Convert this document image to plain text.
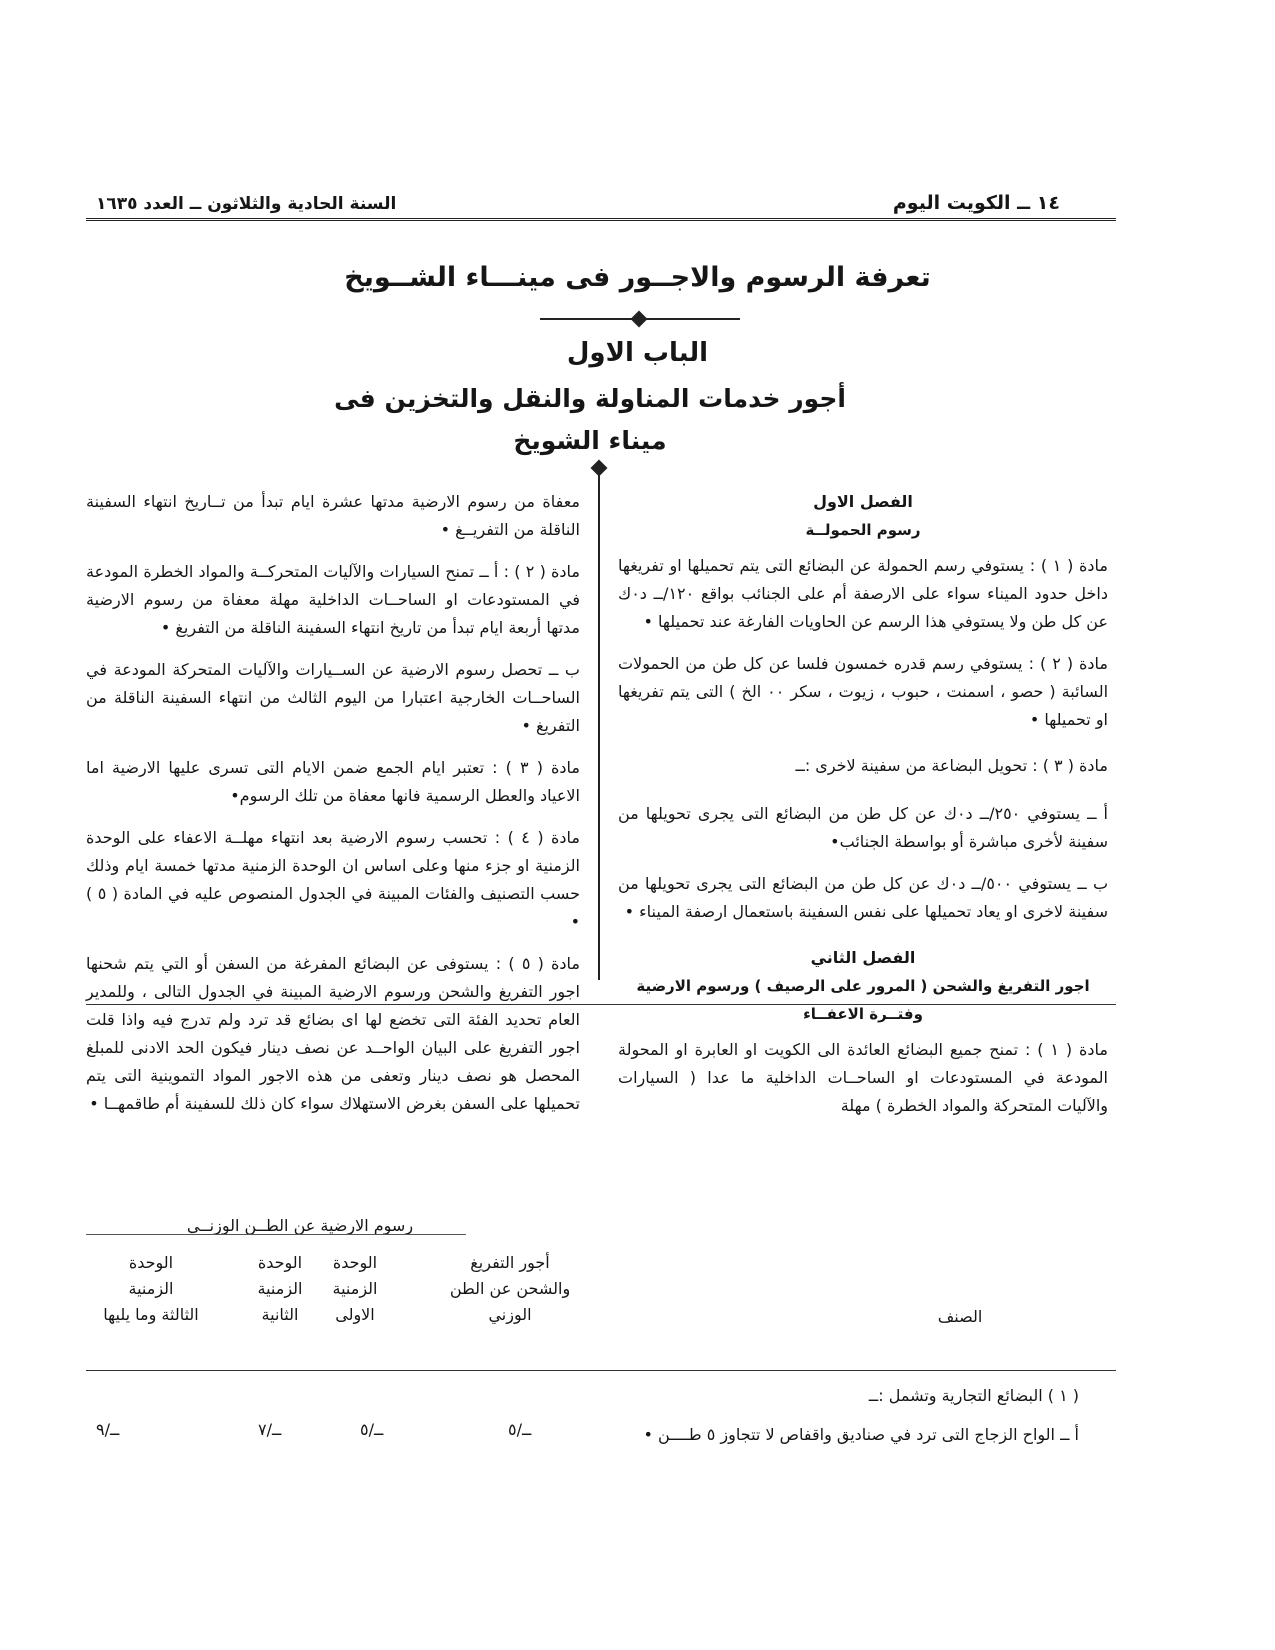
١٤ ــ الكويت اليوم
السنة الحادية والثلاثون ــ العدد ١٦٣٥
تعرفة الرسوم والاجــور فى مينـــاء الشــويخ
الباب الاول
أجور خدمات المناولة والنقل والتخزين فى ميناء الشويخ

الفصل الاول

رسوم الحمولــة

مادة ( ١ ) : يستوفي رسم الحمولة عن البضائع التى يتم تحميلها او تفريغها داخل حدود الميناء سواء على الارصفة أم على الجنائب بواقع ١٢٠/ــ د٠ك عن كل طن ولا يستوفي هذا الرسم عن الحاويات الفارغة عند تحميلها •

مادة ( ٢ ) : يستوفي رسم قدره خمسون فلسا عن كل طن من الحمولات السائبة ( حصو ، اسمنت ، حبوب ، زيوت ، سكر ٠٠ الخ ) التى يتم تفريغها او تحميلها •

مادة ( ٣ ) : تحويل البضاعة من سفينة لاخرى :ــ

أ ــ يستوفي ٢٥٠/ــ د٠ك عن كل طن من البضائع التى يجرى تحويلها من سفينة لأخرى مباشرة أو بواسطة الجنائب•

ب ــ يستوفي ٥٠٠/ــ د٠ك عن كل طن من البضائع التى يجرى تحويلها من سفينة لاخرى او يعاد تحميلها على نفس السفينة باستعمال ارصفة الميناء •

الفصل الثاني

اجور التفريغ والشحن ( المرور على الرصيف ) ورسوم الارضية وفتــرة الاعفــاء

مادة ( ١ ) : تمنح جميع البضائع العائدة الى الكويت او العابرة او المحولة المودعة في المستودعات او الساحــات الداخلية ما عدا ( السيارات والآليات المتحركة والمواد الخطرة ) مهلة

معفاة من رسوم الارضية مدتها عشرة ايام تبدأ من تــاريخ انتهاء السفينة الناقلة من التفريــغ •

مادة ( ٢ ) : أ ــ تمنح السيارات والآليات المتحركــة والمواد الخطرة المودعة في المستودعات او الساحــات الداخلية مهلة معفاة من رسوم الارضية مدتها أربعة ايام تبدأ من تاريخ انتهاء السفينة الناقلة من التفريغ •

ب ــ تحصل رسوم الارضية عن الســيارات والآليات المتحركة المودعة في الساحــات الخارجية اعتبارا من اليوم الثالث من انتهاء السفينة الناقلة من التفريغ •

مادة ( ٣ ) : تعتبر ايام الجمع ضمن الايام التى تسرى عليها الارضية اما الاعياد والعطل الرسمية فانها معفاة من تلك الرسوم•

مادة ( ٤ ) : تحسب رسوم الارضية بعد انتهاء مهلــة الاعفاء على الوحدة الزمنية او جزء منها وعلى اساس ان الوحدة الزمنية مدتها خمسة ايام وذلك حسب التصنيف والفئات المبينة في الجدول المنصوص عليه في المادة ( ٥ ) •

مادة ( ٥ ) : يستوفى عن البضائع المفرغة من السفن أو التي يتم شحنها اجور التفريغ والشحن ورسوم الارضية المبينة في الجدول التالى ، وللمدير العام تحديد الفئة التى تخضع لها اى بضائع قد ترد ولم تدرج فيه واذا قلت اجور التفريغ على البيان الواحــد عن نصف دينار فيكون الحد الادنى للمبلغ المحصل هو نصف دينار وتعفى من هذه الاجور المواد التموينية التى يتم تحميلها على السفن بغرض الاستهلاك سواء كان ذلك للسفينة أم طاقمهــا •

رسوم الارضية عن الطــن الوزنــي
الصنف
أجور التفريغ
والشحن عن الطن
الوزني
الوحدة
الزمنية
الاولى
الوحدة
الزمنية
الثانية
الوحدة
الزمنية
الثالثة وما يليها
( ١ ) البضائع التجارية وتشمل :ــ
أ ــ الواح الزجاج التى ترد في صناديق واقفاص لا تتجاوز ٥ طــــن •
ــ/٥
ــ/٥
ــ/٧
ــ/٩
